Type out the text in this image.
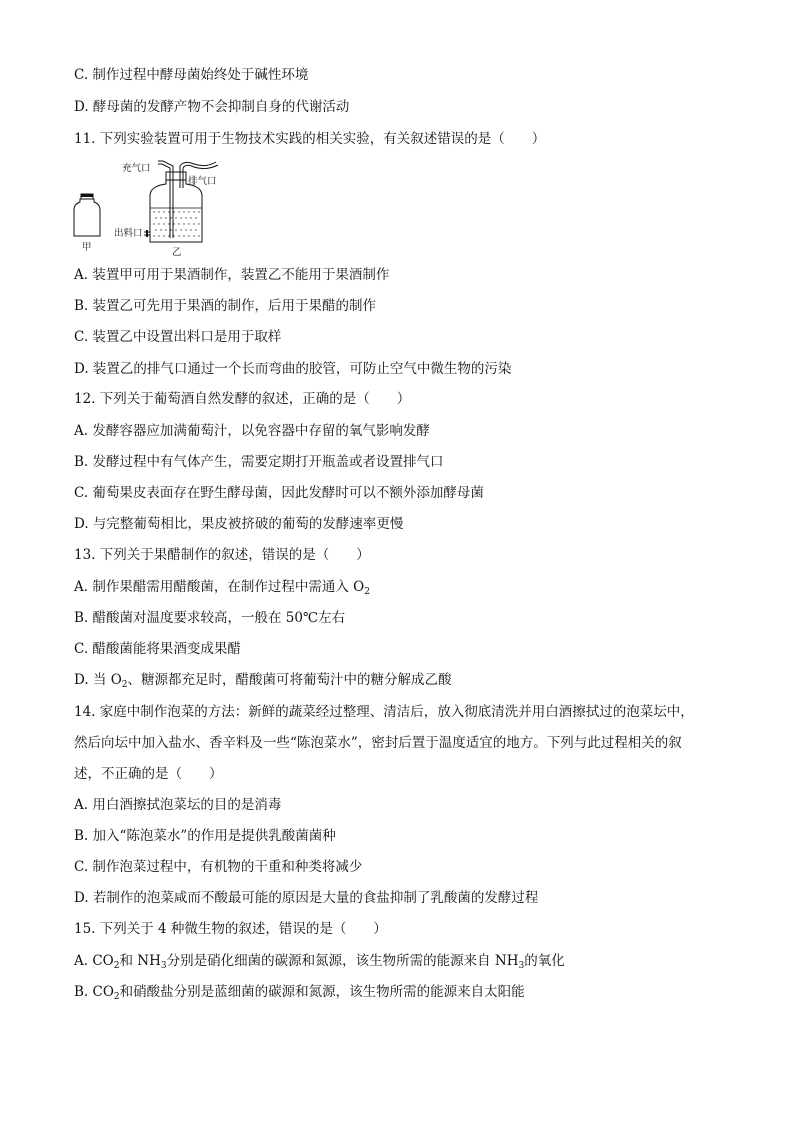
C. 制作过程中酵母菌始终处于碱性环境
D. 酵母菌的发酵产物不会抑制自身的代谢活动
11. 下列实验装置可用于生物技术实践的相关实验，有关叙述错误的是（　　）
甲
充气口
排气口
出料口
乙
A. 装置甲可用于果酒制作，装置乙不能用于果酒制作
B. 装置乙可先用于果酒的制作，后用于果醋的制作
C. 装置乙中设置出料口是用于取样
D. 装置乙的排气口通过一个长而弯曲的胶管，可防止空气中微生物的污染
12. 下列关于葡萄酒自然发酵的叙述，正确的是（　　）
A. 发酵容器应加满葡萄汁，以免容器中存留的氧气影响发酵
B. 发酵过程中有气体产生，需要定期打开瓶盖或者设置排气口
C. 葡萄果皮表面存在野生酵母菌，因此发酵时可以不额外添加酵母菌
D. 与完整葡萄相比，果皮被挤破的葡萄的发酵速率更慢
13. 下列关于果醋制作的叙述，错误的是（　　）
A. 制作果醋需用醋酸菌，在制作过程中需通入 $O_2$
B. 醋酸菌对温度要求较高，一般在 50℃左右
C. 醋酸菌能将果酒变成果醋
D. 当 $O_2$、糖源都充足时，醋酸菌可将葡萄汁中的糖分解成乙酸
14. 家庭中制作泡菜的方法：新鲜的蔬菜经过整理、清洁后，放入彻底清洗并用白酒擦拭过的泡菜坛中，
然后向坛中加入盐水、香辛料及一些“陈泡菜水”，密封后置于温度适宜的地方。下列与此过程相关的叙
述，不正确的是（　　）
A. 用白酒擦拭泡菜坛的目的是消毒
B. 加入“陈泡菜水”的作用是提供乳酸菌菌种
C. 制作泡菜过程中，有机物的干重和种类将减少
D. 若制作的泡菜咸而不酸最可能的原因是大量的食盐抑制了乳酸菌的发酵过程
15. 下列关于 4 种微生物的叙述，错误的是（　　）
A. $CO_2$和 $NH_3$分别是硝化细菌的碳源和氮源，该生物所需的能源来自 $NH_3$的氧化
B. $CO_2$和硝酸盐分别是蓝细菌的碳源和氮源，该生物所需的能源来自太阳能
